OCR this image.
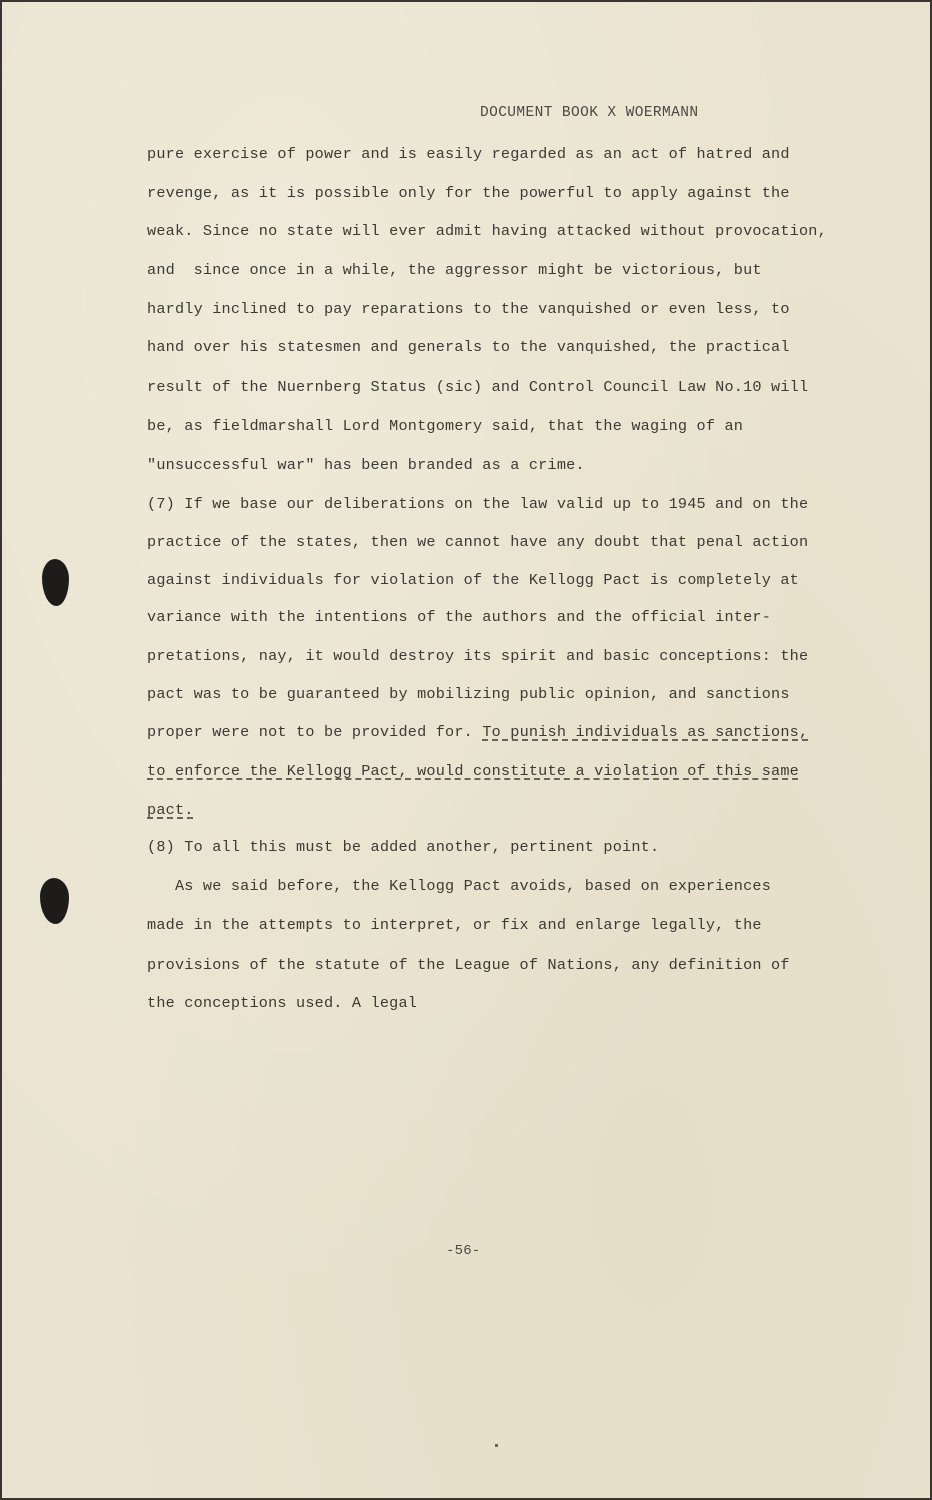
DOCUMENT BOOK X WOERMANN
pure exercise of power and is easily regarded as an act of hatred and
revenge, as it is possible only for the powerful to apply against the
weak. Since no state will ever admit having attacked without provocation,
and  since once in a while, the aggressor might be victorious, but
hardly inclined to pay reparations to the vanquished or even less, to
hand over his statesmen and generals to the vanquished, the practical
result of the Nuernberg Status (sic) and Control Council Law No.10 will
be, as fieldmarshall Lord Montgomery said, that the waging of an
"unsuccessful war" has been branded as a crime.
(7) If we base our deliberations on the law valid up to 1945 and on the
practice of the states, then we cannot have any doubt that penal action
against individuals for violation of the Kellogg Pact is completely at
variance with the intentions of the authors and the official inter-
pretations, nay, it would destroy its spirit and basic conceptions: the
pact was to be guaranteed by mobilizing public opinion, and sanctions
proper were not to be provided for. To punish individuals as sanctions,
to enforce the Kellogg Pact, would constitute a violation of this same
pact.
(8) To all this must be added another, pertinent point.
As we said before, the Kellogg Pact avoids, based on experiences
made in the attempts to interpret, or fix and enlarge legally, the
provisions of the statute of the League of Nations, any definition of
the conceptions used. A legal
-56-
